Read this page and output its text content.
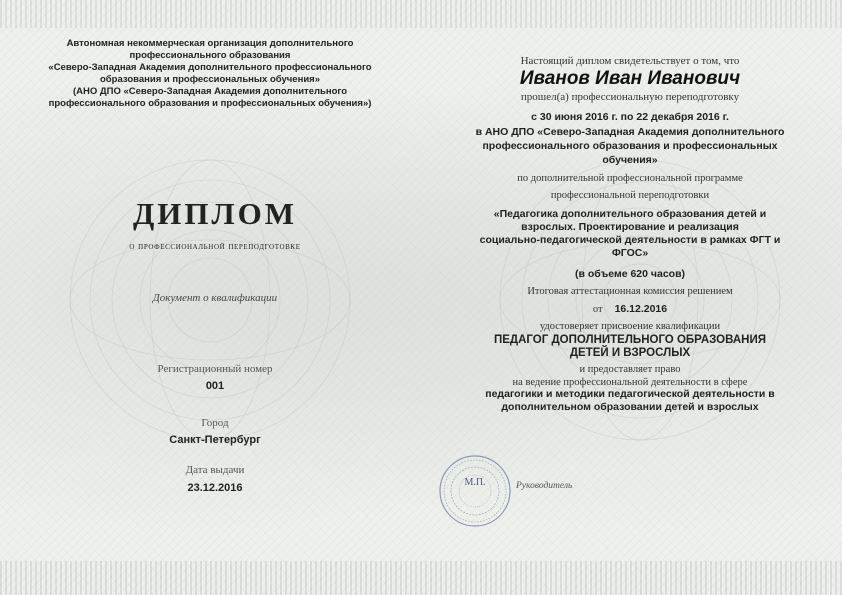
Автономная некоммерческая организация дополнительного
профессионального образования
«Северо-Западная Академия дополнительного профессионального
образования и профессиональных обучения»
(АНО ДПО «Северо-Западная Академия дополнительного
профессионального образования и профессиональных обучения»)
ДИПЛОМ
о профессиональной переподготовке
Документ о квалификации
Регистрационный номер
001
Город
Санкт-Петербург
Дата выдачи
23.12.2016
Настоящий диплом свидетельствует о том, что
Иванов Иван Иванович
прошел(а) профессиональную переподготовку
с 30 июня 2016 г. по 22 декабря 2016 г.
в АНО ДПО «Северо-Западная Академия дополнительного
профессионального образования и профессиональных
обучения»
по дополнительной профессиональной программе
профессиональной переподготовки
«Педагогика дополнительного образования детей и
взрослых. Проектирование и реализация
социально-педагогической деятельности в рамках ФГТ и
ФГОС»
(в объеме 620 часов)
Итоговая аттестационная комиссия решением
от 16.12.2016
удостоверяет присвоение квалификации
ПЕДАГОГ ДОПОЛНИТЕЛЬНОГО ОБРАЗОВАНИЯ
ДЕТЕЙ И ВЗРОСЛЫХ
и предоставляет право
на ведение профессиональной деятельности в сфере
педагогики и методики педагогической деятельности в
дополнительном образовании детей и взрослых
М.П.	Руководитель
